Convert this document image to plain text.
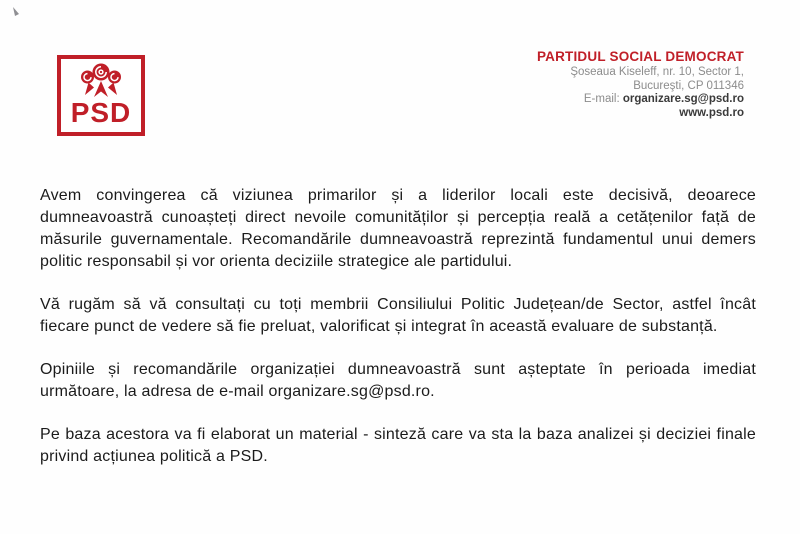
PSD
PARTIDUL SOCIAL DEMOCRAT
Şoseaua Kiseleff, nr. 10, Sector 1,
Bucureşti, CP 011346
E-mail: organizare.sg@psd.ro
www.psd.ro

Avem convingerea că viziunea primarilor și a liderilor locali este decisivă, deoarece dumneavoastră cunoașteți direct nevoile comunităților și percepția reală a cetățenilor față de măsurile guvernamentale. Recomandările dumneavoastră reprezintă fundamentul unui demers politic responsabil și vor orienta deciziile strategice ale partidului.

Vă rugăm să vă consultați cu toți membrii Consiliului Politic Județean/de Sector, astfel încât fiecare punct de vedere să fie preluat, valorificat și integrat în această evaluare de substanță.

Opiniile și recomandările organizației dumneavoastră sunt așteptate în perioada imediat următoare, la adresa de e-mail organizare.sg@psd.ro.

Pe baza acestora va fi elaborat un material - sinteză care va sta la baza analizei și deciziei finale privind acțiunea politică a PSD.
